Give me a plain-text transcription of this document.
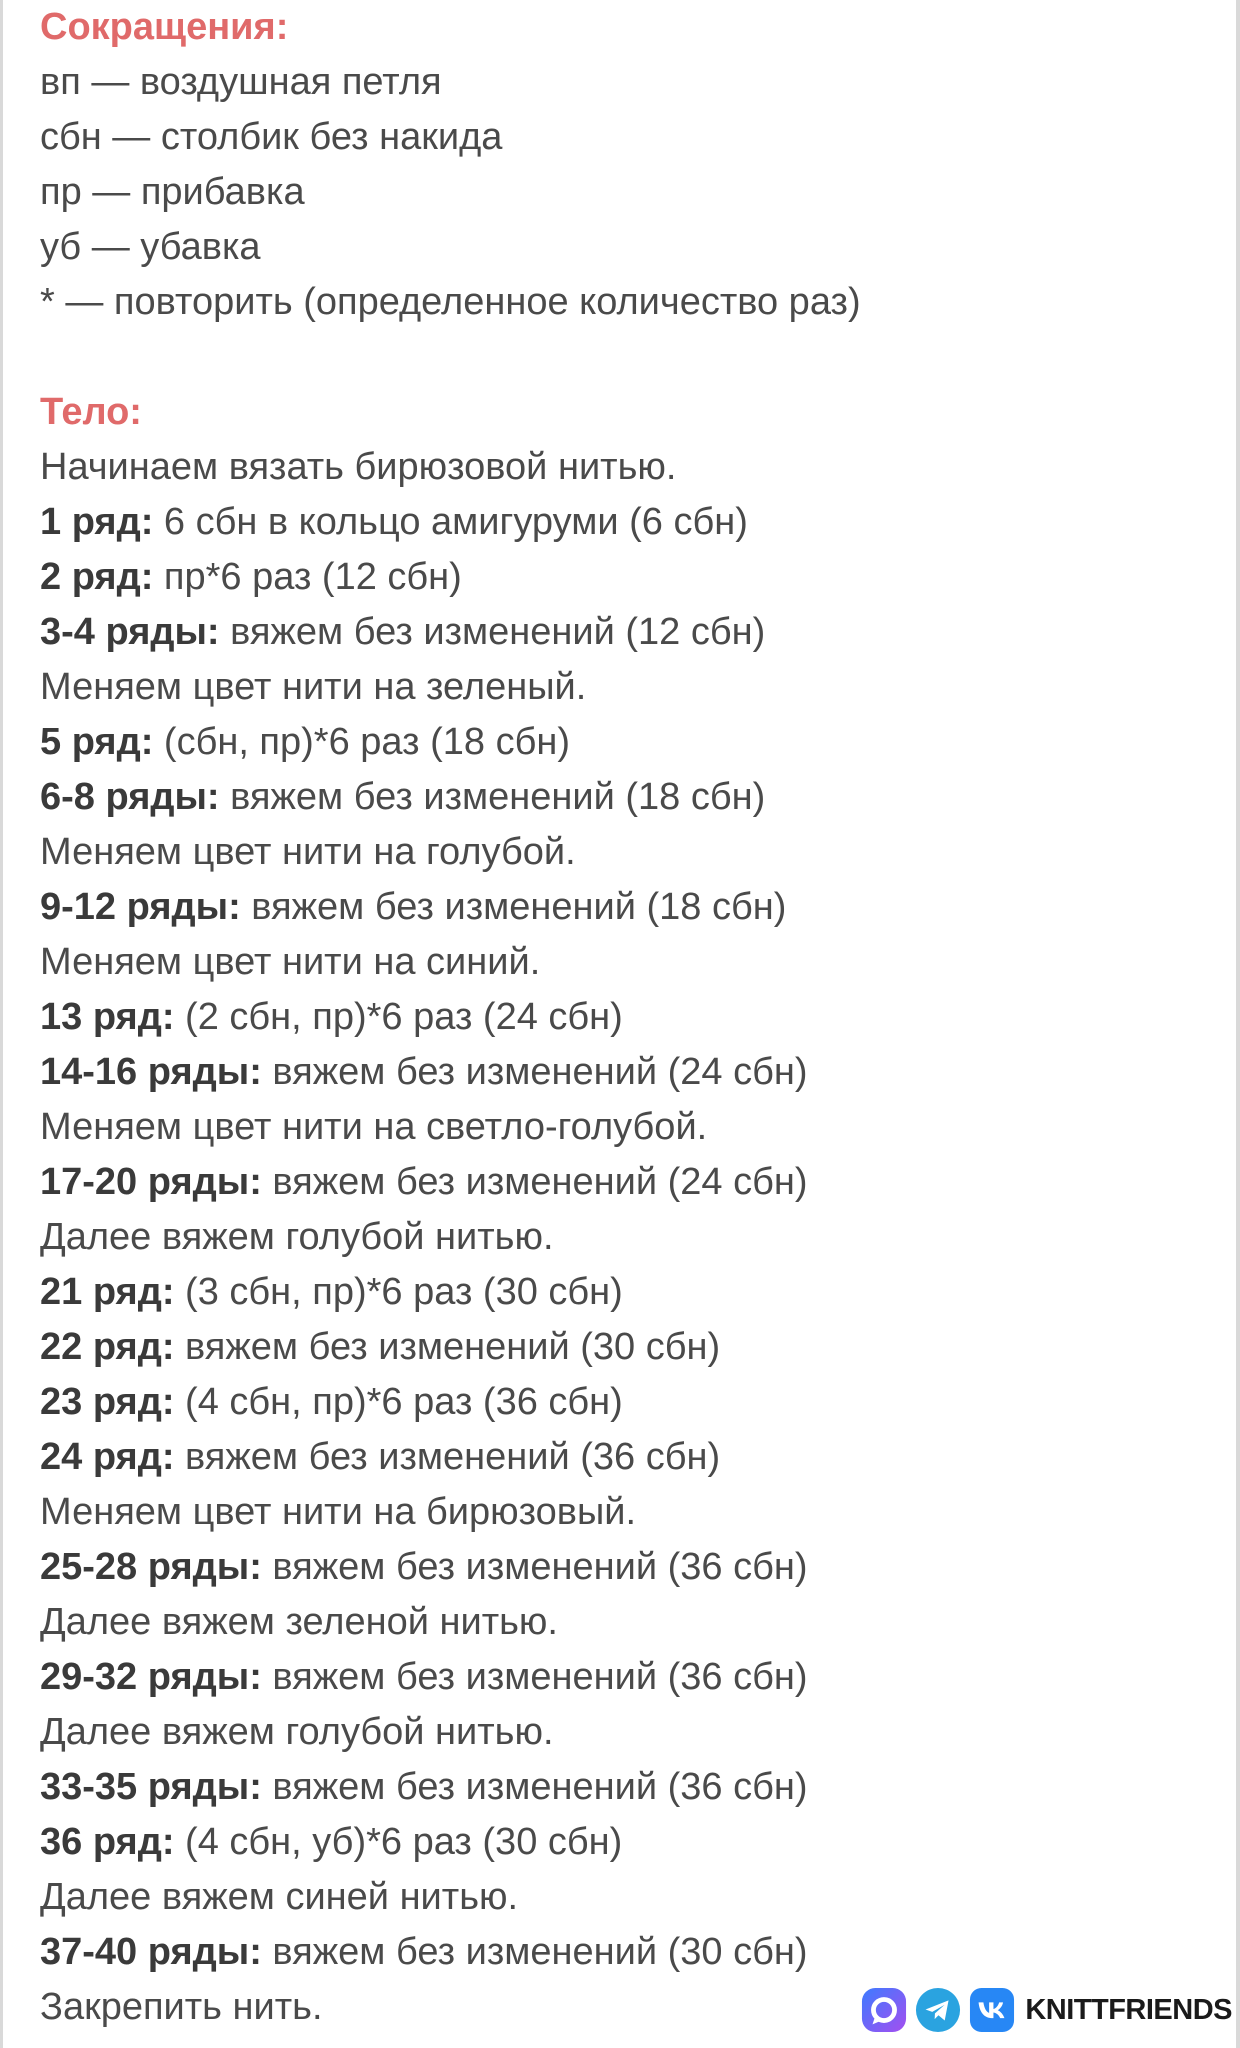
Сокращения:
вп — воздушная петля
сбн — столбик без накида
пр — прибавка
уб — убавка
* — повторить (определенное количество раз)
Тело:
Начинаем вязать бирюзовой нитью.
1 ряд: 6 сбн в кольцо амигуруми (6 сбн)
2 ряд: пр*6 раз (12 сбн)
3-4 ряды: вяжем без изменений (12 сбн)
Меняем цвет нити на зеленый.
5 ряд: (сбн, пр)*6 раз (18 сбн)
6-8 ряды: вяжем без изменений (18 сбн)
Меняем цвет нити на голубой.
9-12 ряды: вяжем без изменений (18 сбн)
Меняем цвет нити на синий.
13 ряд: (2 сбн, пр)*6 раз (24 сбн)
14-16 ряды: вяжем без изменений (24 сбн)
Меняем цвет нити на светло-голубой.
17-20 ряды: вяжем без изменений (24 сбн)
Далее вяжем голубой нитью.
21 ряд: (3 сбн, пр)*6 раз (30 сбн)
22 ряд: вяжем без изменений (30 сбн)
23 ряд: (4 сбн, пр)*6 раз (36 сбн)
24 ряд: вяжем без изменений (36 сбн)
Меняем цвет нити на бирюзовый.
25-28 ряды: вяжем без изменений (36 сбн)
Далее вяжем зеленой нитью.
29-32 ряды: вяжем без изменений (36 сбн)
Далее вяжем голубой нитью.
33-35 ряды: вяжем без изменений (36 сбн)
36 ряд: (4 сбн, уб)*6 раз (30 сбн)
Далее вяжем синей нитью.
37-40 ряды: вяжем без изменений (30 сбн)
Закрепить нить.	KNITTFRIENDS
